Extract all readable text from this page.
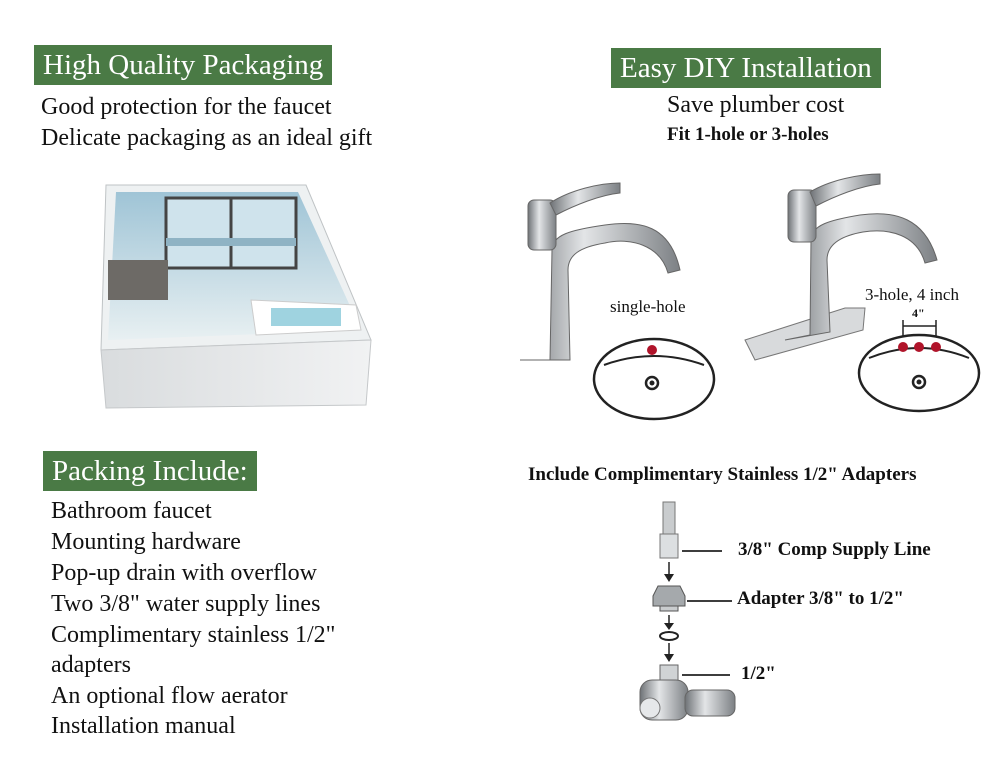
High Quality Packaging
Good protection for the faucet
Delicate packaging as an ideal gift
Easy DIY Installation
Save plumber cost
Fit 1-hole or 3-holes
single-hole
3-hole, 4 inch
4"
Packing Include:
Bathroom faucet
Mounting hardware
Pop-up drain with overflow
Two 3/8" water supply lines
Complimentary stainless 1/2"
adapters
An optional flow aerator
Installation manual
Include Complimentary Stainless 1/2" Adapters
3/8" Comp Supply Line
Adapter 3/8" to 1/2"
1/2"
